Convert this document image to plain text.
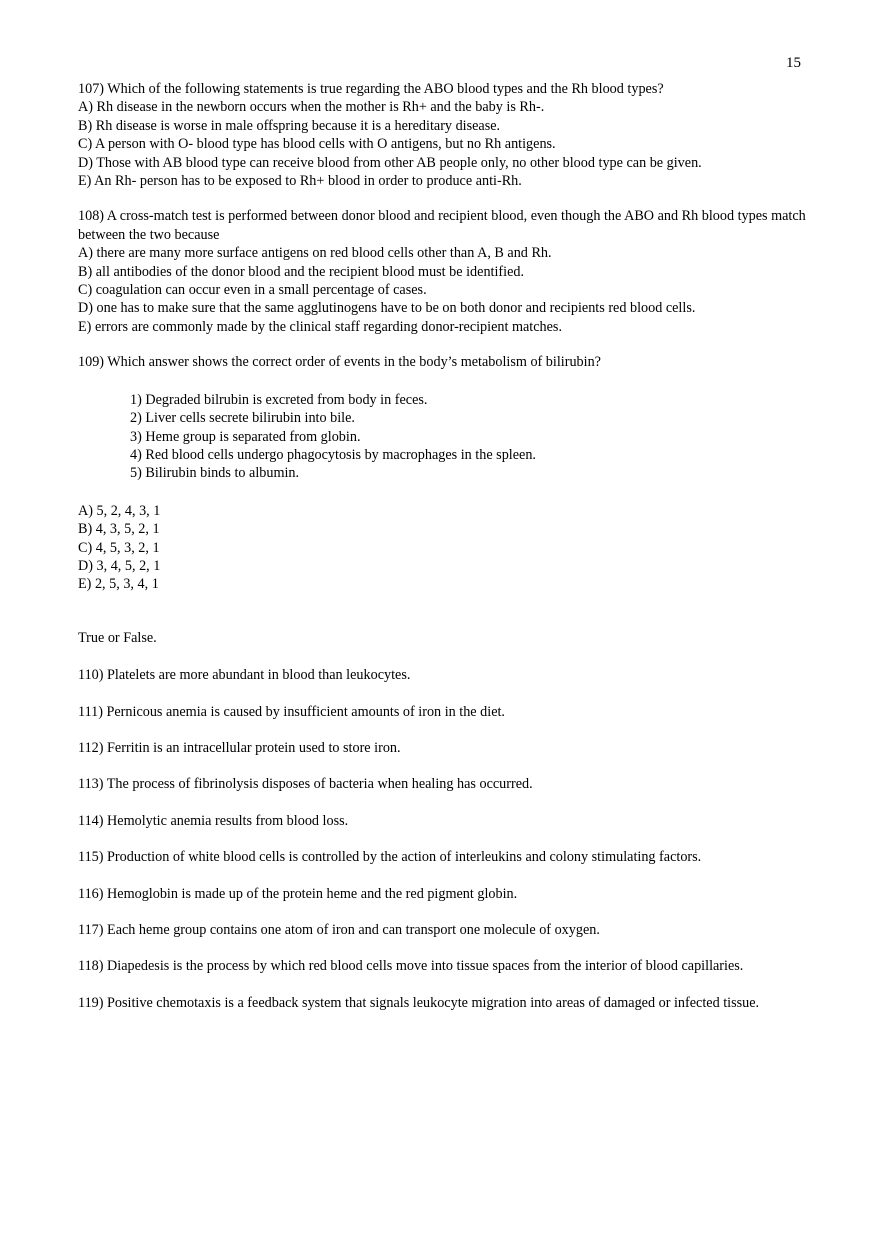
15

107) Which of the following statements is true regarding the ABO blood types and the Rh blood types?

A) Rh disease in the newborn occurs when the mother is Rh+ and the baby is Rh-.

B) Rh disease is worse in male offspring because it is a hereditary disease.

C) A person with O- blood type has blood cells with O antigens, but no Rh antigens.

D) Those with AB blood type can receive blood from other AB people only, no other blood type can be given.

E) An Rh- person has to be exposed to Rh+ blood in order to produce anti-Rh.

108) A cross-match test is performed between donor blood and recipient blood, even though the ABO and Rh blood types match between the two because

A) there are many more surface antigens on red blood cells other than A, B and Rh.

B) all antibodies of the donor blood and the recipient blood must be identified.

C) coagulation can occur even in a small percentage of cases.

D) one has to make sure that the same agglutinogens have to be on both donor and recipients red blood cells.

E) errors are commonly made by the clinical staff regarding donor-recipient matches.

109) Which answer shows the correct order of events in the body’s metabolism of bilirubin?

1) Degraded bilrubin is excreted from body in feces.

2) Liver cells secrete bilirubin into bile.

3) Heme group is separated from globin.

4) Red blood cells undergo phagocytosis by macrophages in the spleen.

5) Bilirubin binds to albumin.

A) 5, 2, 4, 3, 1

B) 4, 3, 5, 2, 1

C) 4, 5, 3, 2, 1

D) 3, 4, 5, 2, 1

E) 2, 5, 3, 4, 1

True or False.

110) Platelets are more abundant in blood than leukocytes.

111) Pernicous anemia is caused by insufficient amounts of iron in the diet.

112) Ferritin is an intracellular protein used to store iron.

113) The process of fibrinolysis disposes of bacteria when healing has occurred.

114) Hemolytic anemia results from blood loss.

115) Production of white blood cells is controlled by the action of interleukins and colony stimulating factors.

116) Hemoglobin is made up of the protein heme and the red pigment globin.

117) Each heme group contains one atom of iron and can transport one molecule of oxygen.

118) Diapedesis is the process by which red blood cells move into tissue spaces from the interior of blood capillaries.

119) Positive chemotaxis is a feedback system that signals leukocyte migration into areas of damaged or infected tissue.
